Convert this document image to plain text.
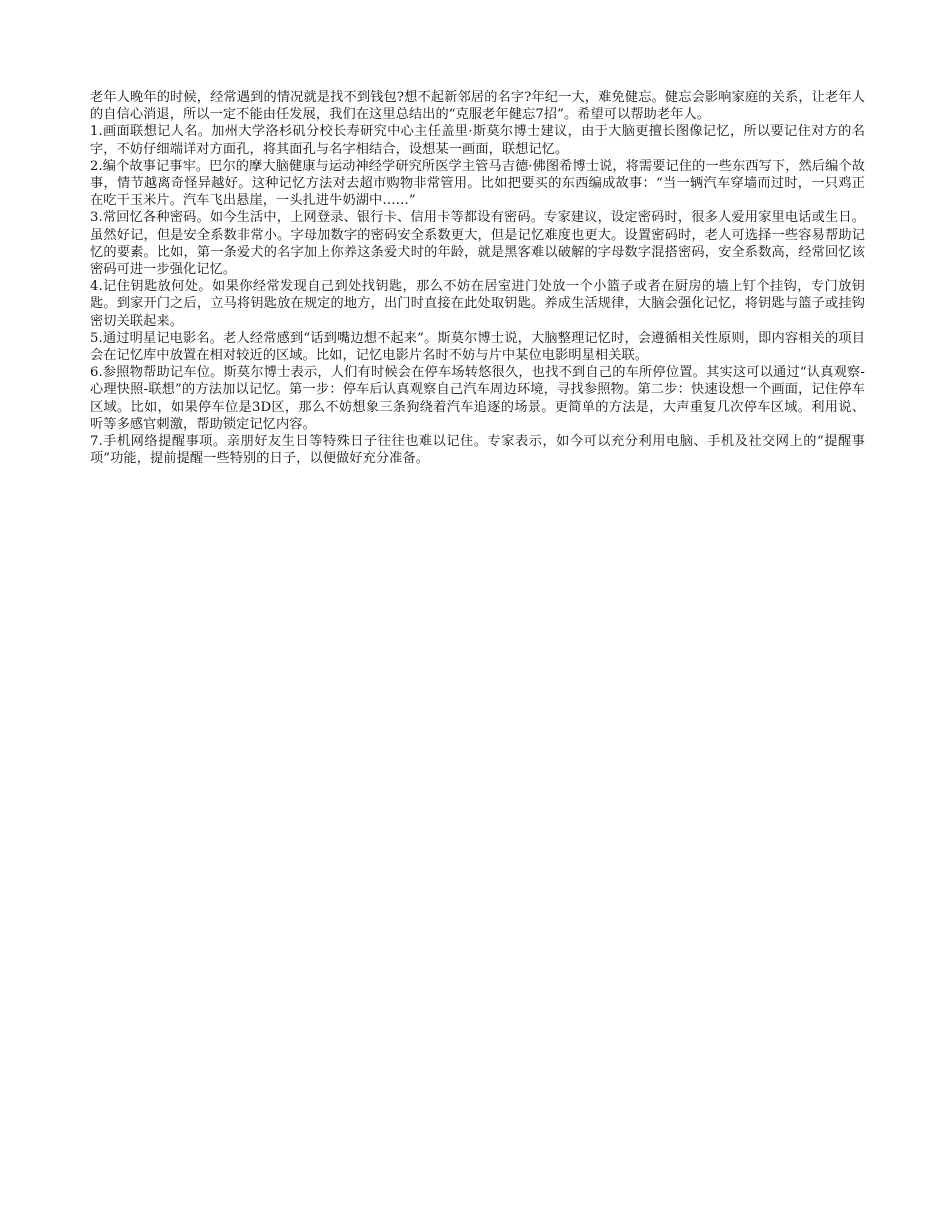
老年人晚年的时候，经常遇到的情况就是找不到钱包?想不起新邻居的名字?年纪一大，难免健忘。健忘会影响家庭的关系，让老年人的自信心消退，所以一定不能由任发展，我们在这里总结出的“克服老年健忘7招”。希望可以帮助老年人。

1.画面联想记人名。加州大学洛杉矶分校长寿研究中心主任盖里·斯莫尔博士建议，由于大脑更擅长图像记忆，所以要记住对方的名字，不妨仔细端详对方面孔，将其面孔与名字相结合，设想某一画面，联想记忆。

2.编个故事记事牢。巴尔的摩大脑健康与运动神经学研究所医学主管马吉德·佛图希博士说，将需要记住的一些东西写下，然后编个故事，情节越离奇怪异越好。这种记忆方法对去超市购物非常管用。比如把要买的东西编成故事：“当一辆汽车穿墙而过时，一只鸡正在吃干玉米片。汽车飞出悬崖，一头扎进牛奶湖中……”

3.常回忆各种密码。如今生活中，上网登录、银行卡、信用卡等都设有密码。专家建议，设定密码时，很多人爱用家里电话或生日。虽然好记，但是安全系数非常小。字母加数字的密码安全系数更大，但是记忆难度也更大。设置密码时，老人可选择一些容易帮助记忆的要素。比如，第一条爱犬的名字加上你养这条爱犬时的年龄，就是黑客难以破解的字母数字混搭密码，安全系数高，经常回忆该密码可进一步强化记忆。

4.记住钥匙放何处。如果你经常发现自己到处找钥匙，那么不妨在居室进门处放一个小篮子或者在厨房的墙上钉个挂钩，专门放钥匙。到家开门之后，立马将钥匙放在规定的地方，出门时直接在此处取钥匙。养成生活规律，大脑会强化记忆，将钥匙与篮子或挂钩密切关联起来。

5.通过明星记电影名。老人经常感到“话到嘴边想不起来”。斯莫尔博士说，大脑整理记忆时，会遵循相关性原则，即内容相关的项目会在记忆库中放置在相对较近的区域。比如，记忆电影片名时不妨与片中某位电影明星相关联。

6.参照物帮助记车位。斯莫尔博士表示，人们有时候会在停车场转悠很久，也找不到自己的车所停位置。其实这可以通过“认真观察-心理快照-联想”的方法加以记忆。第一步：停车后认真观察自己汽车周边环境，寻找参照物。第二步：快速设想一个画面，记住停车区域。比如，如果停车位是3D区，那么不妨想象三条狗绕着汽车追逐的场景。更简单的方法是，大声重复几次停车区域。利用说、听等多感官刺激，帮助锁定记忆内容。

7.手机网络提醒事项。亲朋好友生日等特殊日子往往也难以记住。专家表示，如今可以充分利用电脑、手机及社交网上的“提醒事项”功能，提前提醒一些特别的日子，以便做好充分准备。
